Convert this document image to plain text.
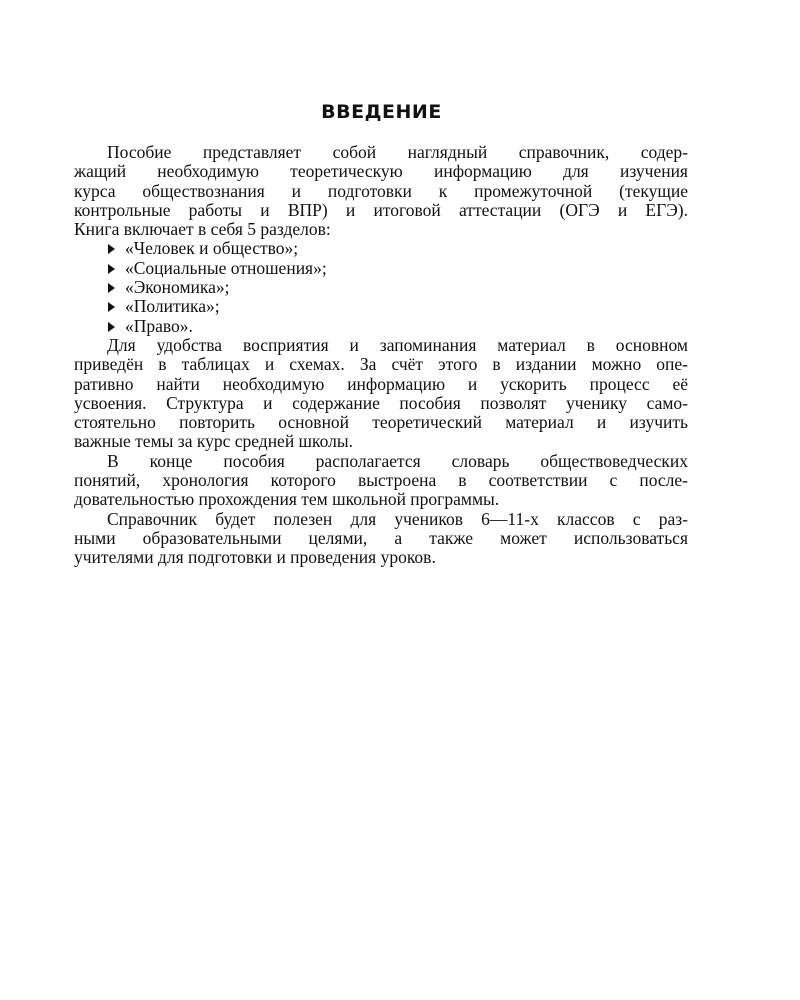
ВВЕДЕНИЕ
Пособие представляет собой наглядный справочник, содер-
жащий необходимую теоретическую информацию для изучения
курса обществознания и подготовки к промежуточной (текущие
контрольные работы и ВПР) и итоговой аттестации (ОГЭ и ЕГЭ).
Книга включает в себя 5 разделов:
«Человек и общество»;
«Социальные отношения»;
«Экономика»;
«Политика»;
«Право».
Для удобства восприятия и запоминания материал в основном
приведён в таблицах и схемах. За счёт этого в издании можно опе-
ративно найти необходимую информацию и ускорить процесс её
усвоения. Структура и содержание пособия позволят ученику само-
стоятельно повторить основной теоретический материал и изучить
важные темы за курс средней школы.
В конце пособия располагается словарь обществоведческих
понятий, хронология которого выстроена в соответствии с после-
довательностью прохождения тем школьной программы.
Справочник будет полезен для учеников 6—11-х классов с раз-
ными образовательными целями, а также может использоваться
учителями для подготовки и проведения уроков.
